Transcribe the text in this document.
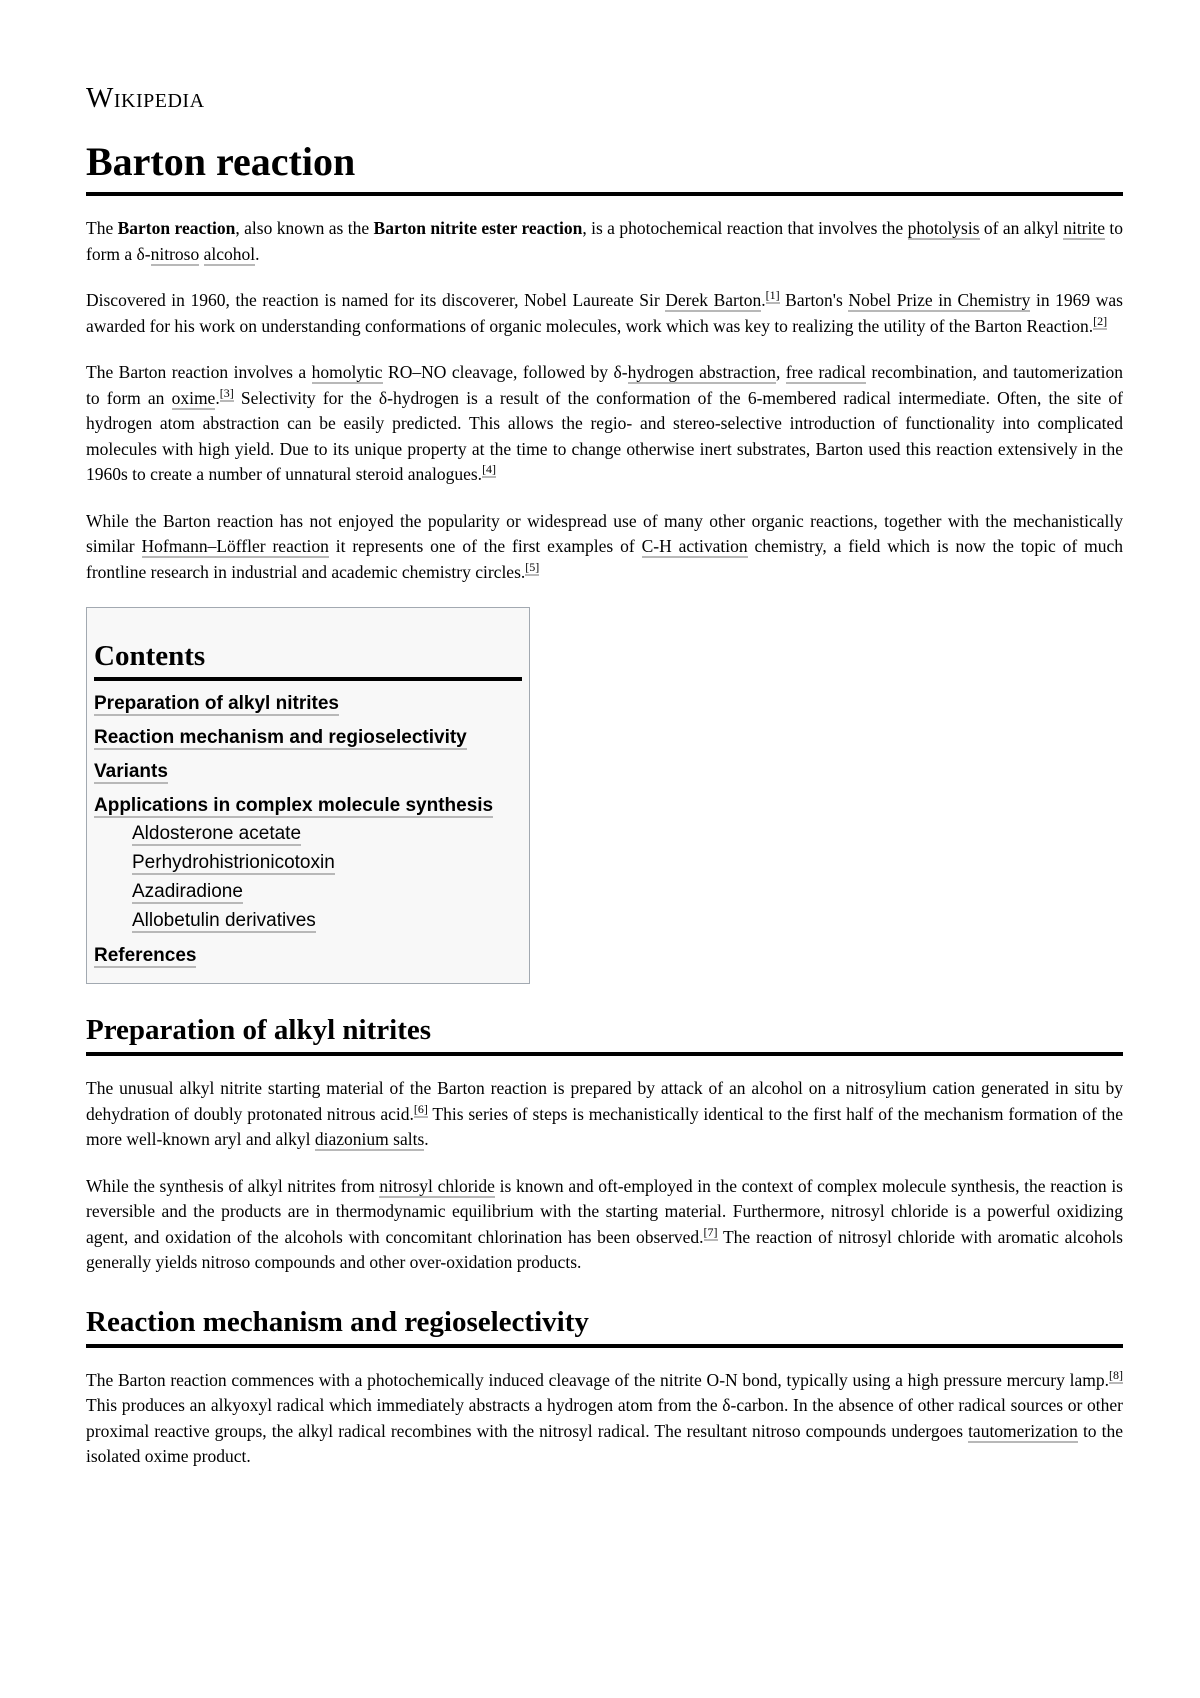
Wikipedia
Barton reaction

The Barton reaction, also known as the Barton nitrite ester reaction, is a photochemical reaction that involves the photolysis of an alkyl nitrite to form a δ-nitroso alcohol.

Discovered in 1960, the reaction is named for its discoverer, Nobel Laureate Sir Derek Barton.[1] Barton's Nobel Prize in Chemistry in 1969 was awarded for his work on understanding conformations of organic molecules, work which was key to realizing the utility of the Barton Reaction.[2]

The Barton reaction involves a homolytic RO–NO cleavage, followed by δ-hydrogen abstraction, free radical recombination, and tautomerization to form an oxime.[3] Selectivity for the δ-hydrogen is a result of the conformation of the 6-membered radical intermediate. Often, the site of hydrogen atom abstraction can be easily predicted. This allows the regio- and stereo-selective introduction of functionality into complicated molecules with high yield. Due to its unique property at the time to change otherwise inert substrates, Barton used this reaction extensively in the 1960s to create a number of unnatural steroid analogues.[4]

While the Barton reaction has not enjoyed the popularity or widespread use of many other organic reactions, together with the mechanistically similar Hofmann–Löffler reaction it represents one of the first examples of C-H activation chemistry, a field which is now the topic of much frontline research in industrial and academic chemistry circles.[5]

Contents
Preparation of alkyl nitrites
Reaction mechanism and regioselectivity
Variants
Applications in complex molecule synthesis
Aldosterone acetate
Perhydrohistrionicotoxin
Azadiradione
Allobetulin derivatives
References
Preparation of alkyl nitrites

The unusual alkyl nitrite starting material of the Barton reaction is prepared by attack of an alcohol on a nitrosylium cation generated in situ by dehydration of doubly protonated nitrous acid.[6] This series of steps is mechanistically identical to the first half of the mechanism formation of the more well-known aryl and alkyl diazonium salts.

While the synthesis of alkyl nitrites from nitrosyl chloride is known and oft-employed in the context of complex molecule synthesis, the reaction is reversible and the products are in thermodynamic equilibrium with the starting material. Furthermore, nitrosyl chloride is a powerful oxidizing agent, and oxidation of the alcohols with concomitant chlorination has been observed.[7] The reaction of nitrosyl chloride with aromatic alcohols generally yields nitroso compounds and other over-oxidation products.

Reaction mechanism and regioselectivity

The Barton reaction commences with a photochemically induced cleavage of the nitrite O-N bond, typically using a high pressure mercury lamp.[8] This produces an alkyoxyl radical which immediately abstracts a hydrogen atom from the δ-carbon. In the absence of other radical sources or other proximal reactive groups, the alkyl radical recombines with the nitrosyl radical. The resultant nitroso compounds undergoes tautomerization to the isolated oxime product.
